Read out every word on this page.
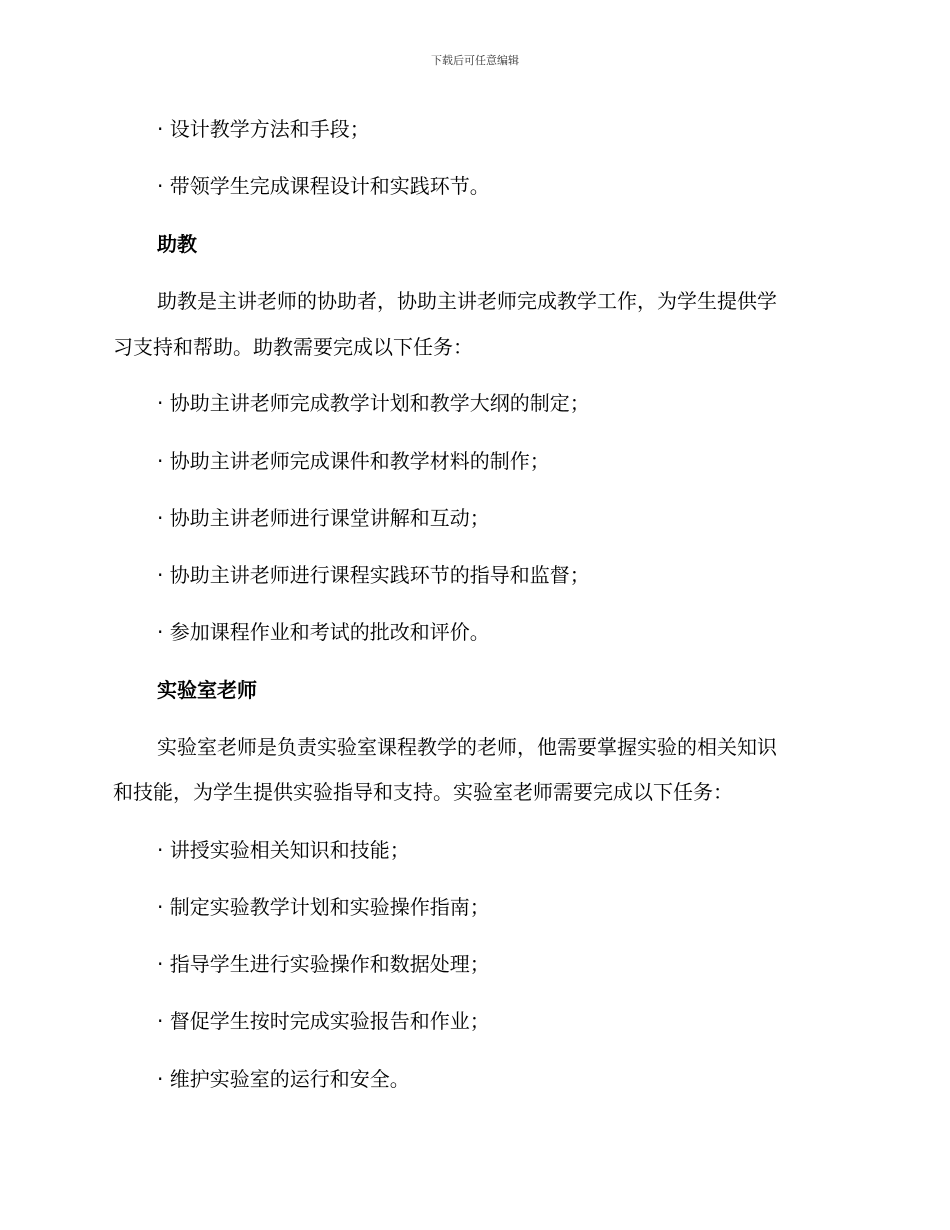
下载后可任意编辑
· 设计教学方法和手段；
· 带领学生完成课程设计和实践环节。
助教
助教是主讲老师的协助者，协助主讲老师完成教学工作，为学生提供学
习支持和帮助。助教需要完成以下任务：
· 协助主讲老师完成教学计划和教学大纲的制定；
· 协助主讲老师完成课件和教学材料的制作；
· 协助主讲老师进行课堂讲解和互动；
· 协助主讲老师进行课程实践环节的指导和监督；
· 参加课程作业和考试的批改和评价。
实验室老师
实验室老师是负责实验室课程教学的老师，他需要掌握实验的相关知识
和技能，为学生提供实验指导和支持。实验室老师需要完成以下任务：
· 讲授实验相关知识和技能；
· 制定实验教学计划和实验操作指南；
· 指导学生进行实验操作和数据处理；
· 督促学生按时完成实验报告和作业；
· 维护实验室的运行和安全。
